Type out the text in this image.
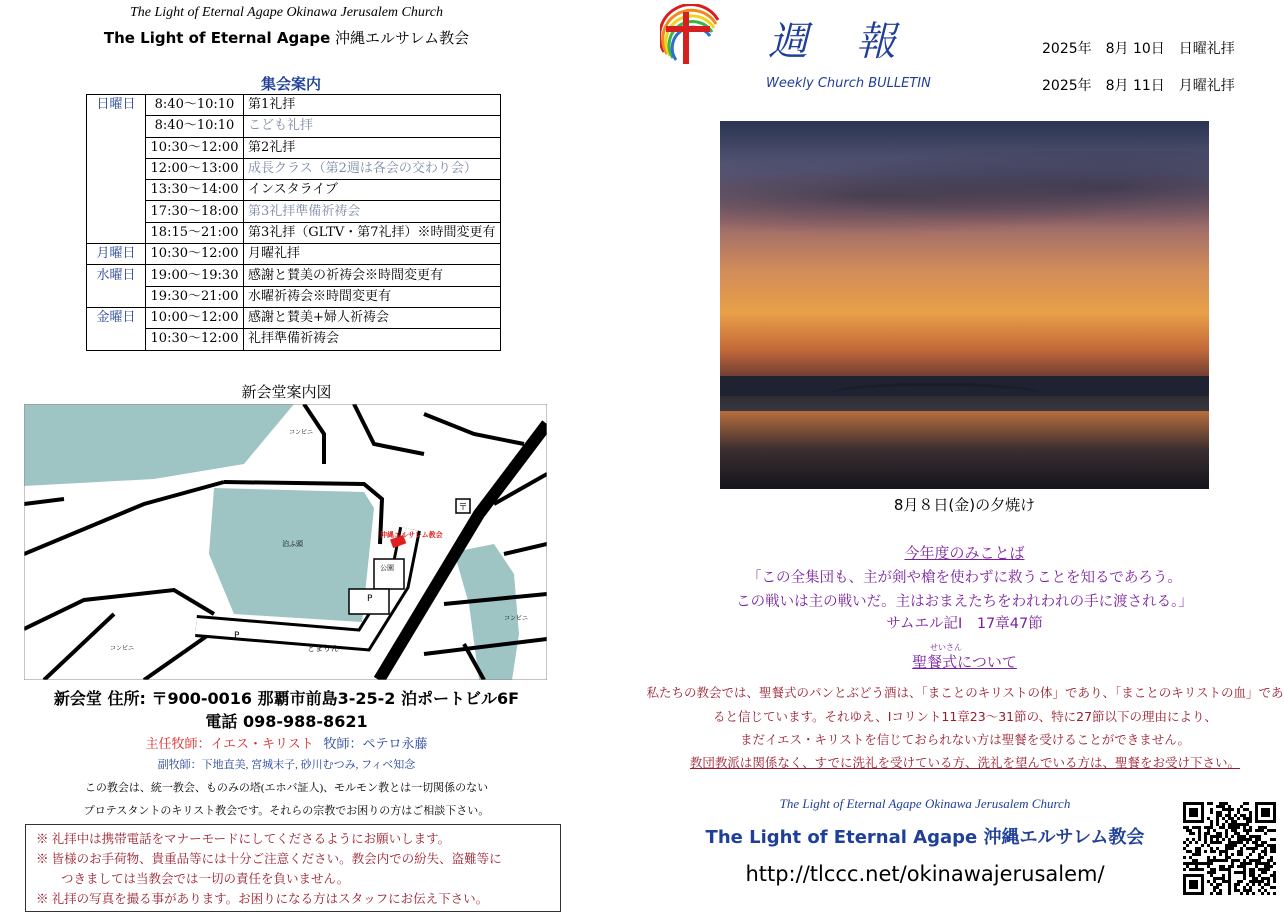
The Light of Eternal Agape Okinawa Jerusalem Church
The Light of Eternal Agape 沖縄エルサレム教会
集会案内
日曜日	8:40～10:10	第1礼拝
	8:40～10:10	こども礼拝
	10:30～12:00	第2礼拝
	12:00～13:00	成長クラス（第2週は各会の交わり会）
	13:30～14:00	インスタライブ
	17:30～18:00	第3礼拝準備祈祷会
	18:15～21:00	第3礼拝（GLTV・第7礼拝）※時間変更有
月曜日	10:30～12:00	月曜礼拝
水曜日	19:00～19:30	感謝と賛美の祈祷会※時間変更有
	19:30～21:00	水曜祈祷会※時間変更有
金曜日	10:00～12:00	感謝と賛美+婦人祈祷会
	10:30～12:00	礼拝準備祈祷会
新会堂案内図
〒
コンビニ
コンビニ
コンビニ
沖縄エルサレム教会
公園
泊ふ頭
とまりん
P
P
新会堂 住所: 〒900-0016 那覇市前島3-25-2 泊ポートビル6F
電話 098-988-8621
主任牧師：イエス・キリスト 牧師：ペテロ永藤
副牧師：下地直美, 宮城末子, 砂川むつみ, フィベ知念
この教会は、統一教会、ものみの塔(エホバ証人)、モルモン教とは一切関係のない
プロテスタントのキリスト教会です。それらの宗教でお困りの方はご相談下さい。
※ 礼拝中は携帯電話をマナーモードにしてくださるようにお願いします。
※ 皆様のお手荷物、貴重品等には十分ご注意ください。教会内での紛失、盗難等に
　　つきましては当教会では一切の責任を負いません。
※ 礼拝の写真を撮る事があります。お困りになる方はスタッフにお伝え下さい。
週　報
Weekly Church BULLETIN
2025年　8月 10日　日曜礼拝
2025年　8月 11日　月曜礼拝
8月８日(金)の夕焼け
今年度のみことば
「この全集団も、主が剣や槍を使わずに救うことを知るであろう。
この戦いは主の戦いだ。主はおまえたちをわれわれの手に渡される。」
サムエル記Ⅰ　17章47節
せいさん
聖餐式について
私たちの教会では、聖餐式のパンとぶどう酒は、「まことのキリストの体」であり、「まことのキリストの血」であ
ると信じています。それゆえ、Ⅰコリント11章23～31節の、特に27節以下の理由により、
まだイエス・キリストを信じておられない方は聖餐を受けることができません。
教団教派は関係なく、すでに洗礼を受けている方、洗礼を望んでいる方は、聖餐をお受け下さい。
The Light of Eternal Agape Okinawa Jerusalem Church
The Light of Eternal Agape 沖縄エルサレム教会
http://tlccc.net/okinawajerusalem/
